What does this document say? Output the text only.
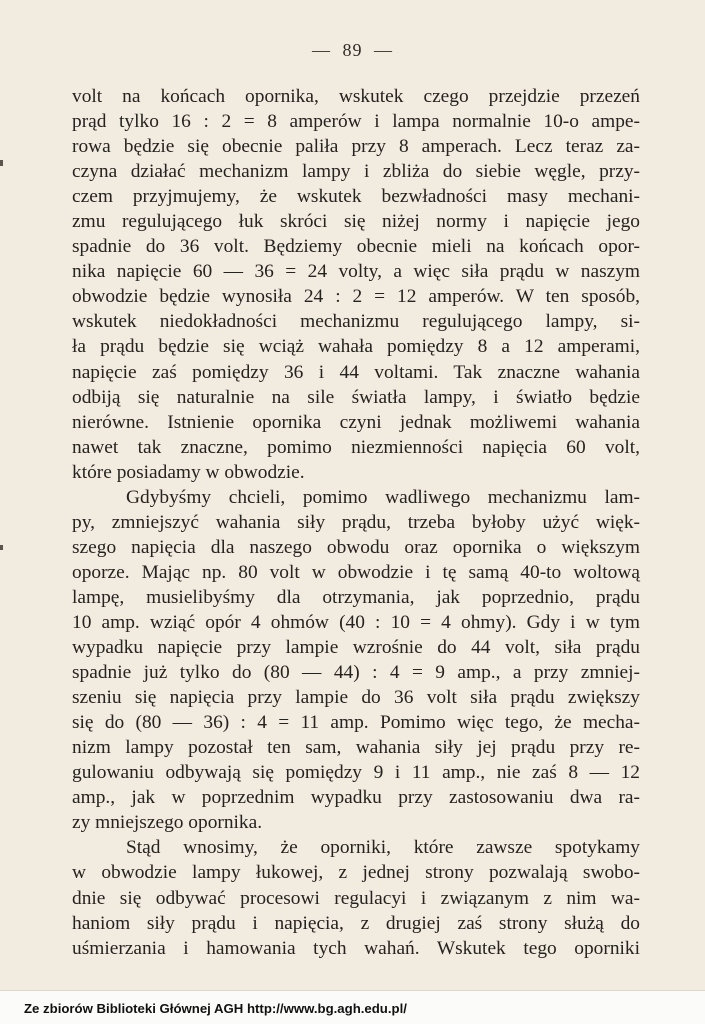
— 89 —
volt na końcach opornika, wskutek czego przejdzie przezeń
prąd tylko 16 : 2 = 8 amperów i lampa normalnie 10-o ampe-
rowa będzie się obecnie paliła przy 8 amperach. Lecz teraz za-
czyna działać mechanizm lampy i zbliża do siebie węgle, przy-
czem przyjmujemy, że wskutek bezwładności masy mechani-
zmu regulującego łuk skróci się niżej normy i napięcie jego
spadnie do 36 volt. Będziemy obecnie mieli na końcach opor-
nika napięcie 60 — 36 = 24 volty, a więc siła prądu w naszym
obwodzie będzie wynosiła 24 : 2 = 12 amperów. W ten sposób,
wskutek niedokładności mechanizmu regulującego lampy, si-
ła prądu będzie się wciąż wahała pomiędzy 8 a 12 amperami,
napięcie zaś pomiędzy 36 i 44 voltami. Tak znaczne wahania
odbiją się naturalnie na sile światła lampy, i światło będzie
nierówne. Istnienie opornika czyni jednak możliwemi wahania
nawet tak znaczne, pomimo niezmienności napięcia 60 volt,
które posiadamy w obwodzie.
Gdybyśmy chcieli, pomimo wadliwego mechanizmu lam-
py, zmniejszyć wahania siły prądu, trzeba byłoby użyć więk-
szego napięcia dla naszego obwodu oraz opornika o większym
oporze. Mając np. 80 volt w obwodzie i tę samą 40-to woltową
lampę, musielibyśmy dla otrzymania, jak poprzednio, prądu
10 amp. wziąć opór 4 ohmów (40 : 10 = 4 ohmy). Gdy i w tym
wypadku napięcie przy lampie wzrośnie do 44 volt, siła prądu
spadnie już tylko do (80 — 44) : 4 = 9 amp., a przy zmniej-
szeniu się napięcia przy lampie do 36 volt siła prądu zwiększy
się do (80 — 36) : 4 = 11 amp. Pomimo więc tego, że mecha-
nizm lampy pozostał ten sam, wahania siły jej prądu przy re-
gulowaniu odbywają się pomiędzy 9 i 11 amp., nie zaś 8 — 12
amp., jak w poprzednim wypadku przy zastosowaniu dwa ra-
zy mniejszego opornika.
Stąd wnosimy, że oporniki, które zawsze spotykamy
w obwodzie lampy łukowej, z jednej strony pozwalają swobo-
dnie się odbywać procesowi regulacyi i związanym z nim wa-
haniom siły prądu i napięcia, z drugiej zaś strony służą do
uśmierzania i hamowania tych wahań. Wskutek tego oporniki
Ze zbiorów Biblioteki Głównej AGH http://www.bg.agh.edu.pl/
